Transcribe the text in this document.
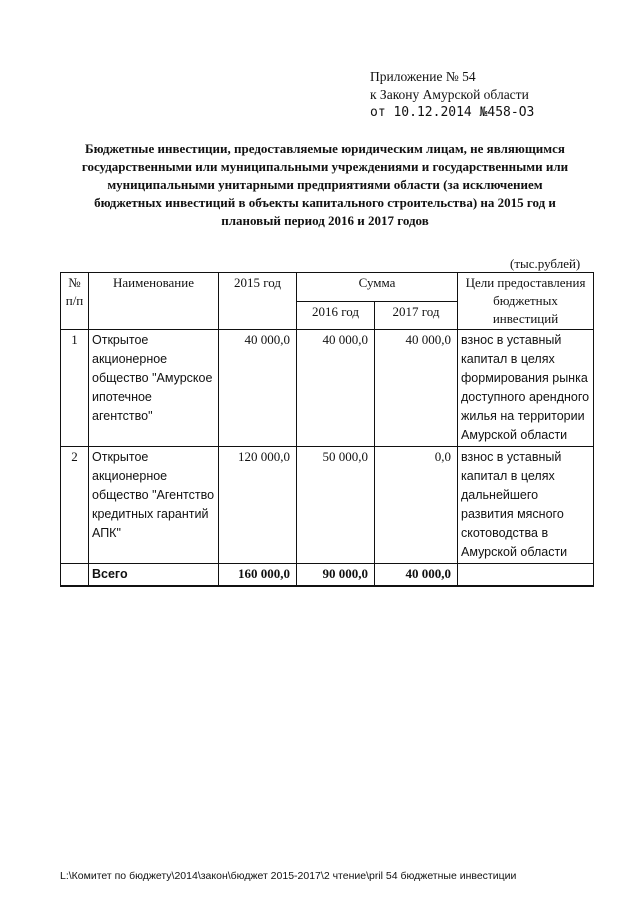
Приложение № 54
к Закону Амурской области
от 10.12.2014 №458-ОЗ
Бюджетные инвестиции, предоставляемые юридическим лицам, не являющимся государственными или муниципальными учреждениями и государственными или муниципальными унитарными предприятиями области (за исключением бюджетных инвестиций в объекты капитального строительства) на 2015 год и плановый период 2016 и 2017 годов
(тыс.рублей)
№ п/п	Наименование	2015 год	Сумма		Цели предоставления бюджетных инвестиций
			2016 год	2017 год	
1	Открытое акционерное общество "Амурское ипотечное агентство"	40 000,0	40 000,0	40 000,0	взнос в уставный капитал в целях формирования рынка доступного арендного жилья на территории Амурской области
2	Открытое акционерное общество "Агентство кредитных гарантий АПК"	120 000,0	50 000,0	0,0	взнос в уставный капитал в целях дальнейшего развития мясного скотоводства в Амурской области
	Всего	160 000,0	90 000,0	40 000,0	
L:\Комитет по бюджету\2014\закон\бюджет 2015-2017\2 чтение\pril 54 бюджетные инвестиции
